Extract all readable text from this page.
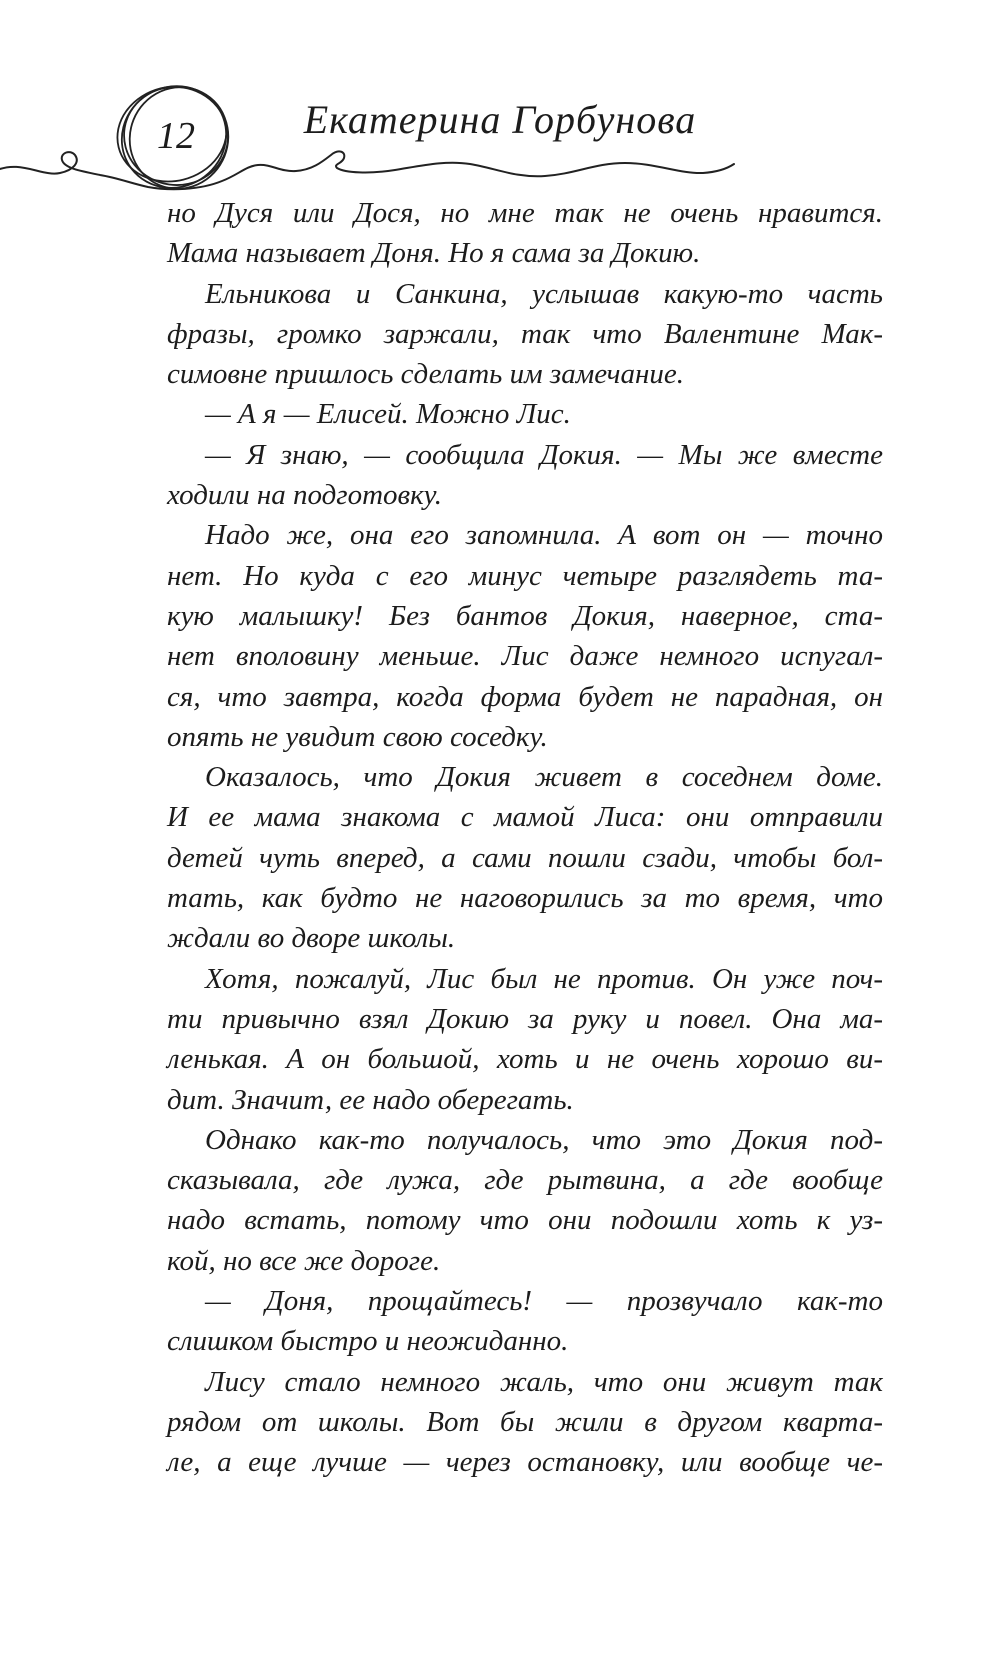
12	Екатерина Горбунова
но Дуся или Дося, но мне так не очень нравится.
Мама называет Доня. Но я сама за Докию.
Ельникова и Санкина, услышав какую-то часть
фразы, громко заржали, так что Валентине Мак-
симовне пришлось сделать им замечание.
— А я — Елисей. Можно Лис.
— Я знаю, — сообщила Докия. — Мы же вместе
ходили на подготовку.
Надо же, она его запомнила. А вот он — точно
нет. Но куда с его минус четыре разглядеть та-
кую малышку! Без бантов Докия, наверное, ста-
нет вполовину меньше. Лис даже немного испугал-
ся, что завтра, когда форма будет не парадная, он
опять не увидит свою соседку.
Оказалось, что Докия живет в соседнем доме.
И ее мама знакома с мамой Лиса: они отправили
детей чуть вперед, а сами пошли сзади, чтобы бол-
тать, как будто не наговорились за то время, что
ждали во дворе школы.
Хотя, пожалуй, Лис был не против. Он уже поч-
ти привычно взял Докию за руку и повел. Она ма-
ленькая. А он большой, хоть и не очень хорошо ви-
дит. Значит, ее надо оберегать.
Однако как-то получалось, что это Докия под-
сказывала, где лужа, где рытвина, а где вообще
надо встать, потому что они подошли хоть к уз-
кой, но все же дороге.
— Доня, прощайтесь! — прозвучало как-то
слишком быстро и неожиданно.
Лису стало немного жаль, что они живут так
рядом от школы. Вот бы жили в другом кварта-
ле, а еще лучше — через остановку, или вообще че-
